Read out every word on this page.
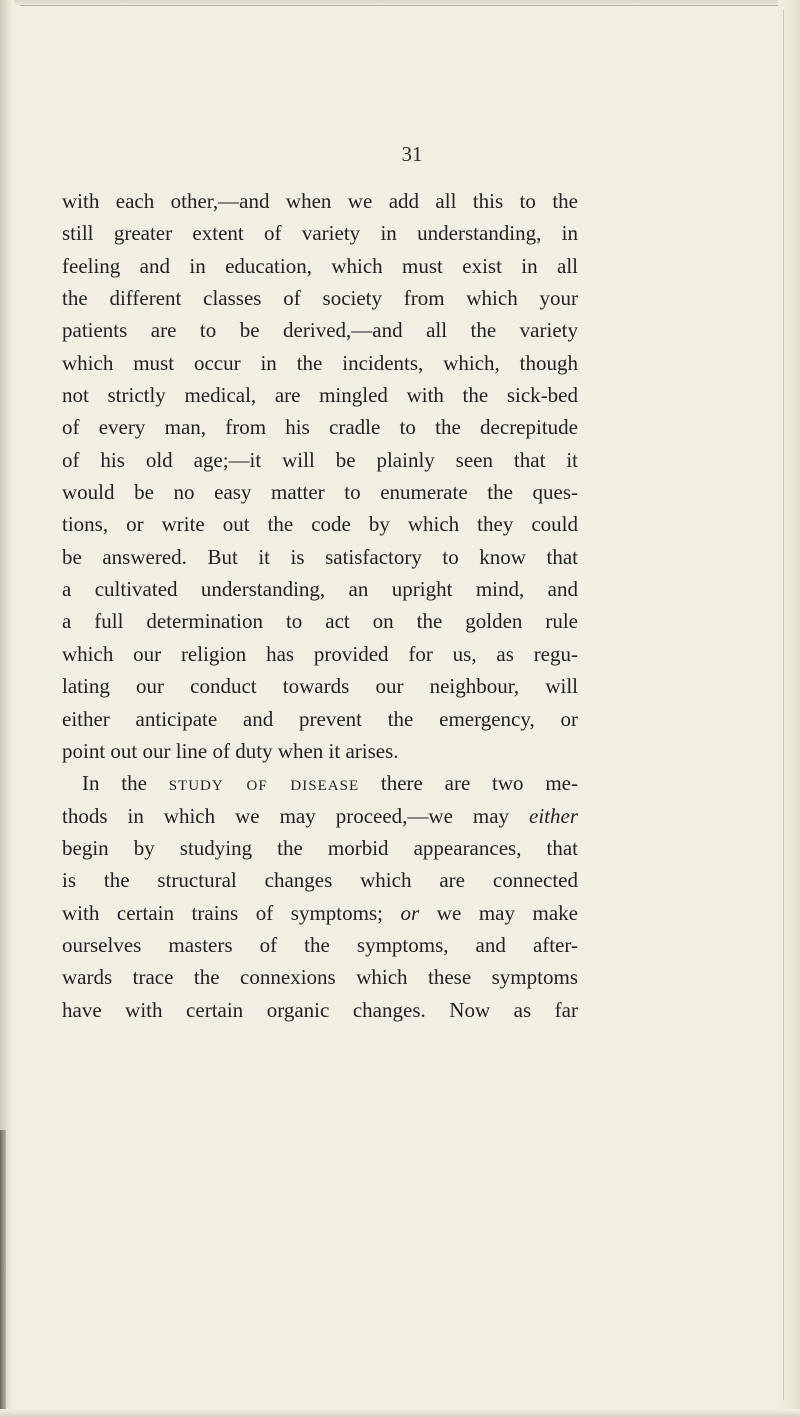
31
with each other,—and when we add all this to the
still greater extent of variety in understanding, in
feeling and in education, which must exist in all
the different classes of society from which your
patients are to be derived,—and all the variety
which must occur in the incidents, which, though
not strictly medical, are mingled with the sick-bed
of every man, from his cradle to the decrepitude
of his old age;—it will be plainly seen that it
would be no easy matter to enumerate the ques-
tions, or write out the code by which they could
be answered. But it is satisfactory to know that
a cultivated understanding, an upright mind, and
a full determination to act on the golden rule
which our religion has provided for us, as regu-
lating our conduct towards our neighbour, will
either anticipate and prevent the emergency, or
point out our line of duty when it arises.
In the study of disease there are two me-
thods in which we may proceed,—we may either
begin by studying the morbid appearances, that
is the structural changes which are connected
with certain trains of symptoms; or we may make
ourselves masters of the symptoms, and after-
wards trace the connexions which these symptoms
have with certain organic changes. Now as far
